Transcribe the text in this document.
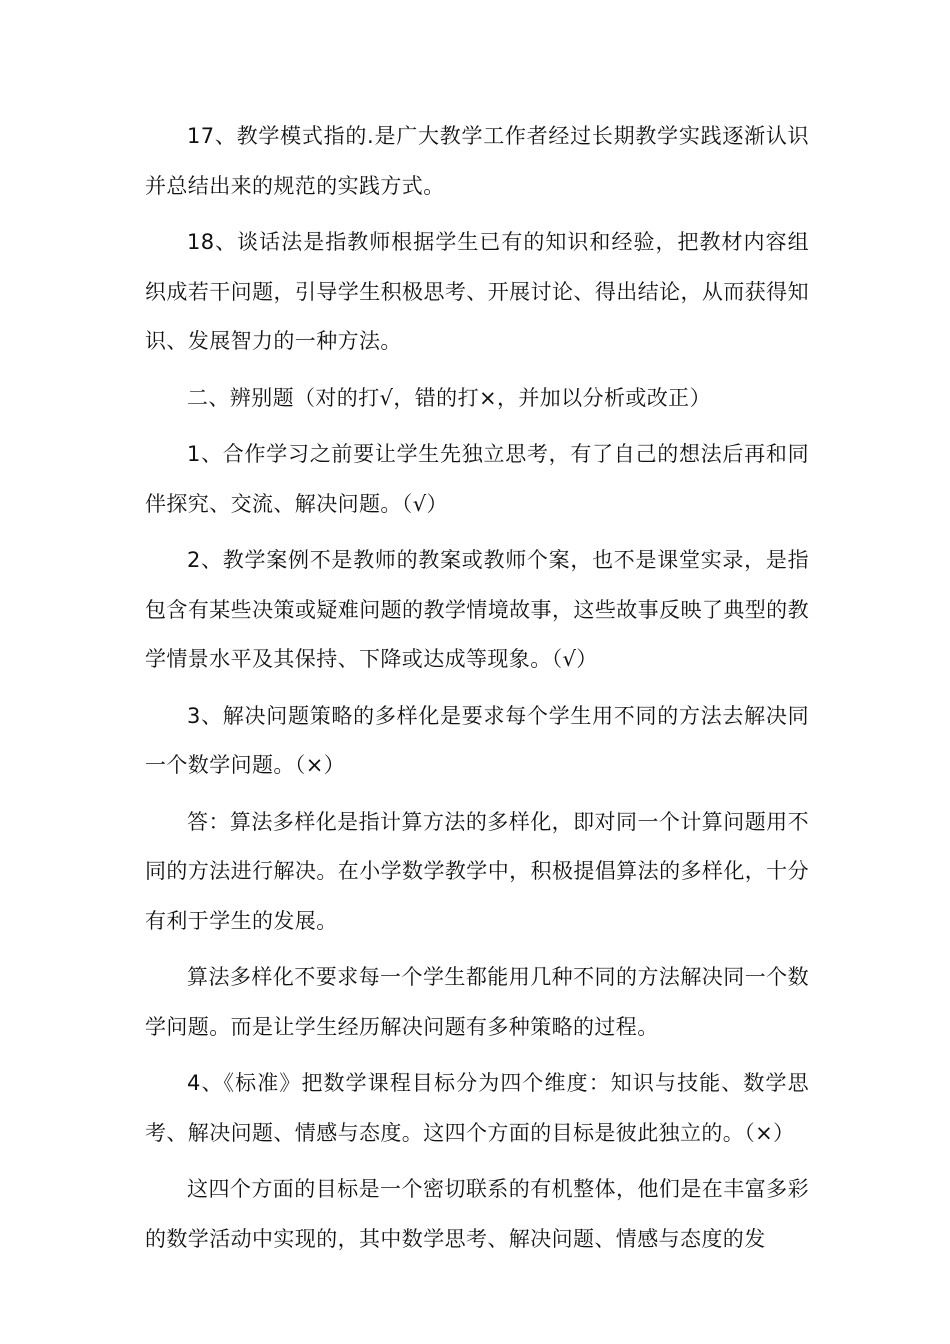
17、教学模式指的.是广大教学工作者经过长期教学实践逐渐认识并总结出来的规范的实践方式。

18、谈话法是指教师根据学生已有的知识和经验，把教材内容组织成若干问题，引导学生积极思考、开展讨论、得出结论，从而获得知识、发展智力的一种方法。

二、辨别题（对的打√，错的打×，并加以分析或改正）

1、合作学习之前要让学生先独立思考，有了自己的想法后再和同伴探究、交流、解决问题。（√）

2、教学案例不是教师的教案或教师个案，也不是课堂实录，是指包含有某些决策或疑难问题的教学情境故事，这些故事反映了典型的教学情景水平及其保持、下降或达成等现象。（√）

3、解决问题策略的多样化是要求每个学生用不同的方法去解决同一个数学问题。（×）

答：算法多样化是指计算方法的多样化，即对同一个计算问题用不同的方法进行解决。在小学数学教学中，积极提倡算法的多样化，十分有利于学生的发展。

算法多样化不要求每一个学生都能用几种不同的方法解决同一个数学问题。而是让学生经历解决问题有多种策略的过程。

4、《标准》把数学课程目标分为四个维度：知识与技能、数学思考、解决问题、情感与态度。这四个方面的目标是彼此独立的。（×）

这四个方面的目标是一个密切联系的有机整体，他们是在丰富多彩的数学活动中实现的，其中数学思考、解决问题、情感与态度的发
